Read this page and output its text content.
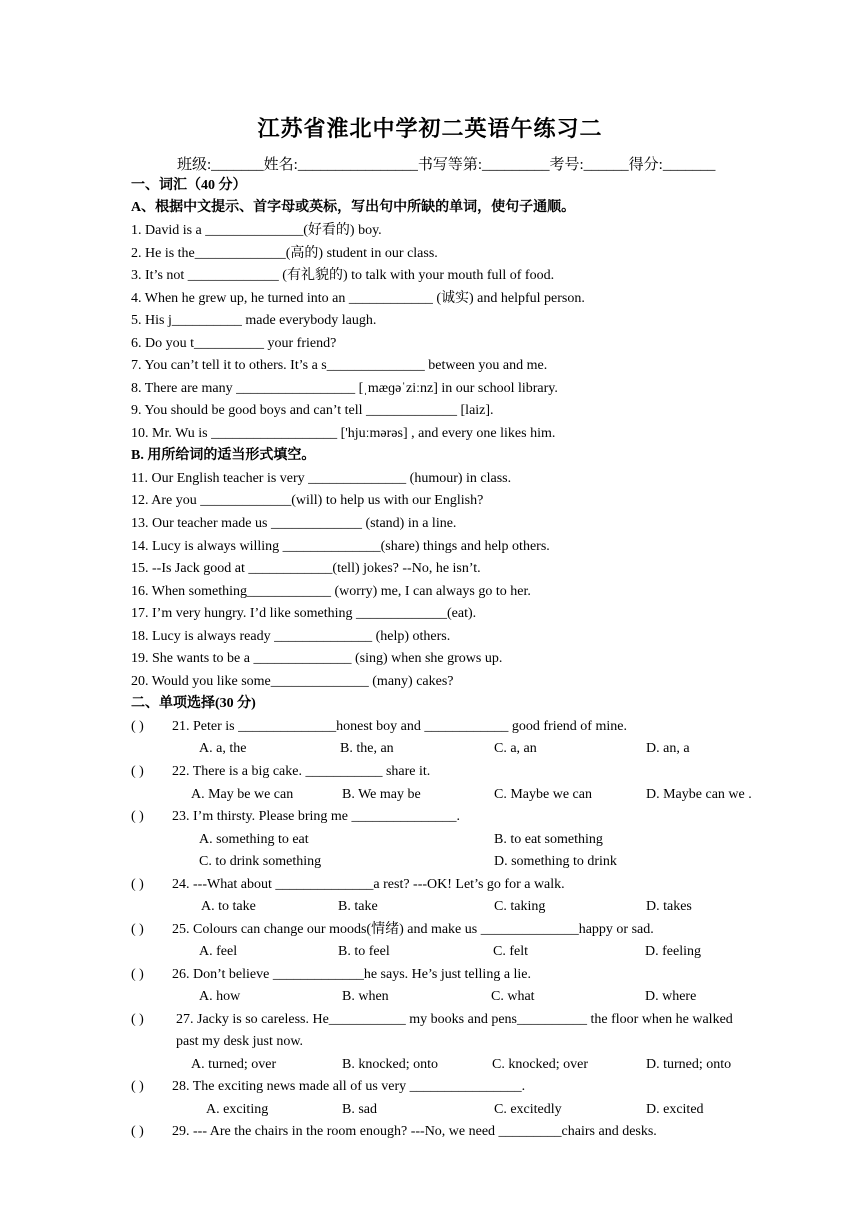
江苏省淮北中学初二英语午练习二
班级:_______姓名:________________书写等第:_________考号:______得分:_______
一、词汇（40 分）
A、根据中文提示、首字母或英标，写出句中所缺的单词，使句子通顺。
1. David is a ______________(好看的) boy.
2. He is the_____________(高的) student in our class.
3. It’s not _____________ (有礼貌的) to talk with your mouth full of food.
4. When he grew up, he turned into an ____________ (诚实) and helpful person.
5. His j__________ made everybody laugh.
6. Do you t__________ your friend?
7. You can’t tell it to others. It’s a s______________ between you and me.
8. There are many _________________ [ˌmæɡəˈziːnz] in our school library.
9. You should be good boys and can’t tell _____________ [laiz].
10. Mr. Wu is __________________ ['hjuːmərəs] , and every one likes him.
B. 用所给词的适当形式填空。
11. Our English teacher is very ______________ (humour) in class.
12. Are you _____________(will) to help us with our English?
13. Our teacher made us _____________ (stand) in a line.
14. Lucy is always willing ______________(share) things and help others.
15. --Is Jack good at ____________(tell) jokes? --No, he isn’t.
16. When something____________ (worry) me, I can always go to her.
17. I’m very hungry. I’d like something _____________(eat).
18. Lucy is always ready ______________ (help) others.
19. She wants to be a ______________ (sing) when she grows up.
20. Would you like some______________ (many) cakes?
二、单项选择(30 分)
( ) 21. Peter is ______________honest boy and ____________ good friend of mine.
A. a, the	B. the, an	C. a, an	D. an, a
( ) 22. There is a big cake. ___________ share it.
A. May be we can	B. We may be	C. Maybe we can	D. Maybe can we .
( ) 23. I’m thirsty. Please bring me _______________.
A. something to eat	B. to eat something
C. to drink something	D. something to drink
( ) 24. ---What about ______________a rest? ---OK! Let’s go for a walk.
A. to take	B. take	C. taking	D. takes
( ) 25. Colours can change our moods(情绪) and make us ______________happy or sad.
A. feel	B. to feel	C. felt	D. feeling
( ) 26. Don’t believe _____________he says. He’s just telling a lie.
A. how	B. when	C. what	D. where
( ) 27. Jacky is so careless. He___________ my books and pens__________ the floor when he walked
past my desk just now.
A. turned; over	B. knocked; onto	C. knocked; over	D. turned; onto
( ) 28. The exciting news made all of us very ________________.
A. exciting	B. sad	C. excitedly	D. excited
( ) 29. --- Are the chairs in the room enough? ---No, we need _________chairs and desks.
